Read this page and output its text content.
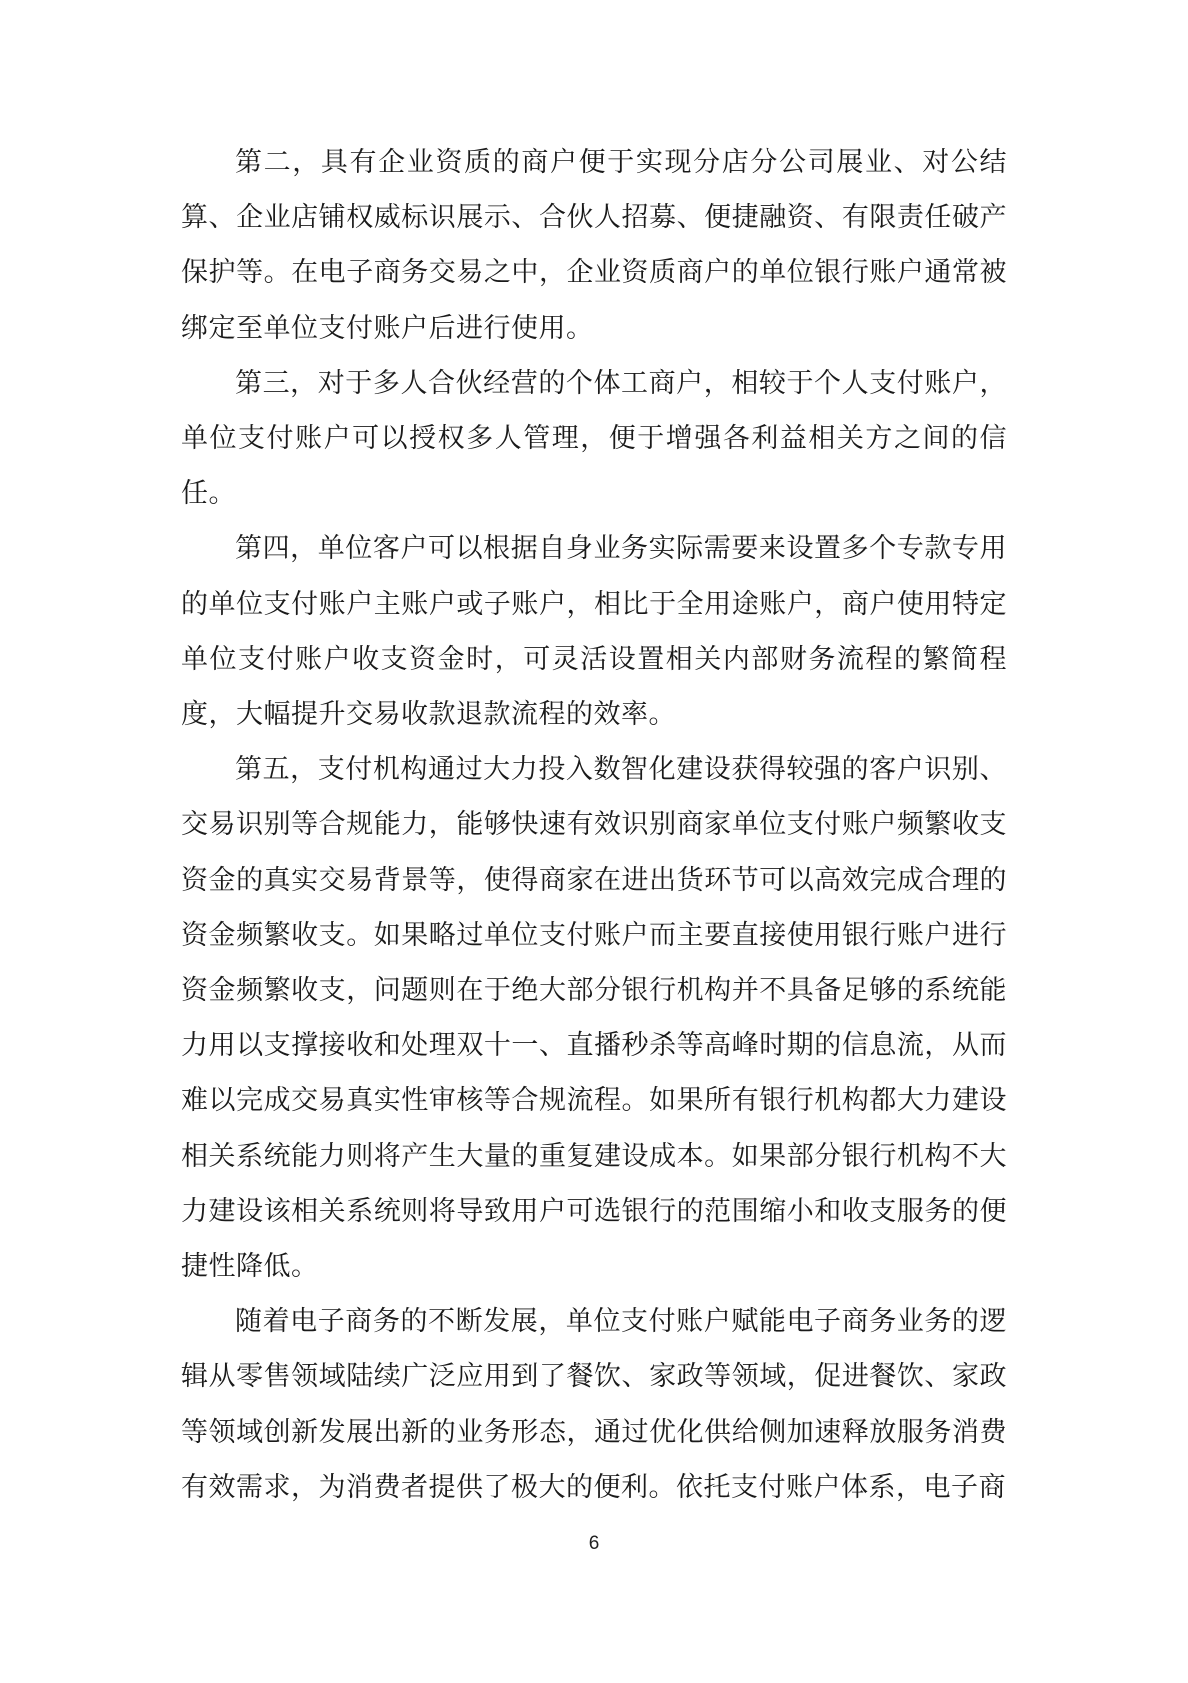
第二，具有企业资质的商户便于实现分店分公司展业、对公结算、企业店铺权威标识展示、合伙人招募、便捷融资、有限责任破产保护等。在电子商务交易之中，企业资质商户的单位银行账户通常被绑定至单位支付账户后进行使用。

第三，对于多人合伙经营的个体工商户，相较于个人支付账户，单位支付账户可以授权多人管理，便于增强各利益相关方之间的信任。

第四，单位客户可以根据自身业务实际需要来设置多个专款专用的单位支付账户主账户或子账户，相比于全用途账户，商户使用特定单位支付账户收支资金时，可灵活设置相关内部财务流程的繁简程度，大幅提升交易收款退款流程的效率。

第五，支付机构通过大力投入数智化建设获得较强的客户识别、交易识别等合规能力，能够快速有效识别商家单位支付账户频繁收支资金的真实交易背景等，使得商家在进出货环节可以高效完成合理的资金频繁收支。如果略过单位支付账户而主要直接使用银行账户进行资金频繁收支，问题则在于绝大部分银行机构并不具备足够的系统能力用以支撑接收和处理双十一、直播秒杀等高峰时期的信息流，从而难以完成交易真实性审核等合规流程。如果所有银行机构都大力建设相关系统能力则将产生大量的重复建设成本。如果部分银行机构不大力建设该相关系统则将导致用户可选银行的范围缩小和收支服务的便捷性降低。

随着电子商务的不断发展，单位支付账户赋能电子商务业务的逻辑从零售领域陆续广泛应用到了餐饮、家政等领域，促进餐饮、家政等领域创新发展出新的业务形态，通过优化供给侧加速释放服务消费有效需求，为消费者提供了极大的便利。依托支付账户体系，电子商

6
